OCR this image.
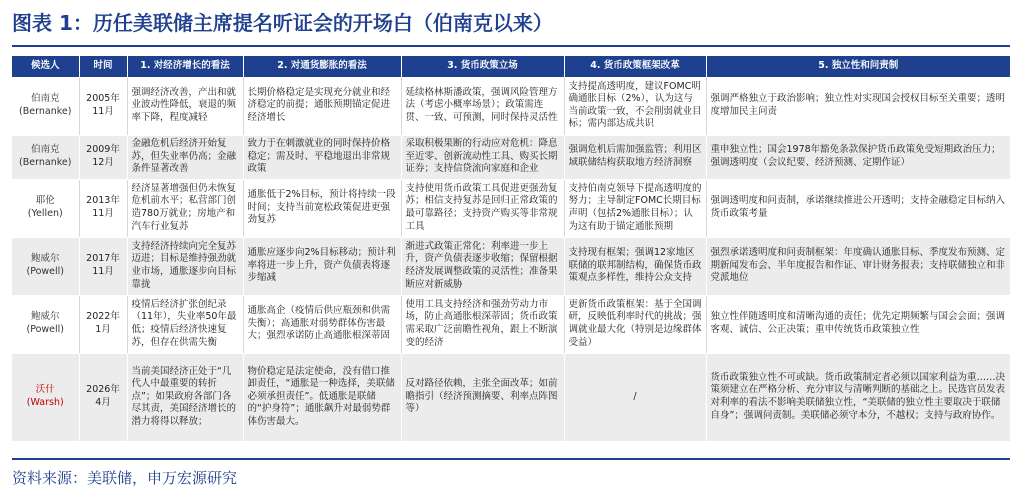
图表 1：历任美联储主席提名听证会的开场白（伯南克以来）
候选人	时间	1. 对经济增长的看法	2. 对通货膨胀的看法	3. 货币政策立场	4. 货币政策框架改革	5. 独立性和问责制
伯南克
(Bernanke)	2005年11月	强调经济改善，产出和就业波动性降低，衰退的频率下降，程度减轻	长期价格稳定是实现充分就业和经济稳定的前提；通胀预期锚定促进经济增长	延续格林斯潘政策，强调风险管理方法（考虑小概率场景）；政策需连贯、一致、可预测，同时保持灵活性	支持提高透明度，建议FOMC明确通胀目标（2%），认为这与当前政策一致，不会削弱就业目标；需内部达成共识	强调严格独立于政治影响；独立性对实现国会授权目标至关重要；透明度增加民主问责
伯南克
(Bernanke)	2009年12月	金融危机后经济开始复苏，但失业率仍高；金融条件显著改善	致力于在刺激就业的同时保持价格稳定；需及时、平稳地退出非常规政策	采取积极果断的行动应对危机：降息至近零、创新流动性工具、购买长期证券；支持信贷流向家庭和企业	强调危机后需加强监管；利用区域联储结构获取地方经济洞察	重申独立性；国会1978年豁免条款保护货币政策免受短期政治压力；强调透明度（会议纪要、经济预测、定期作证）
耶伦
(Yellen)	2013年11月	经济显著增强但仍未恢复危机前水平；私营部门创造780万就业；房地产和汽车行业复苏	通胀低于2%目标，预计将持续一段时间；支持当前宽松政策促进更强劲复苏	支持使用货币政策工具促进更强劲复苏；相信支持复苏是回归正常政策的最可靠路径；支持资产购买等非常规工具	支持伯南克领导下提高透明度的努力；主导制定FOMC长期目标声明（包括2%通胀目标）；认为这有助于锚定通胀预期	强调透明度和问责制，承诺继续推进公开透明；支持金融稳定目标纳入货币政策考量
鲍威尔
(Powell)	2017年11月	支持经济持续向完全复苏迈进；目标是维持强劲就业市场，通胀逐步向目标靠拢	通胀应逐步向2%目标移动；预计利率将进一步上升，资产负债表将逐步缩减	渐进式政策正常化：利率进一步上升，资产负债表逐步收缩；保留根据经济发展调整政策的灵活性；准备果断应对新威胁	支持现有框架；强调12家地区联储的联邦制结构，确保货币政策观点多样性，维持公众支持	强烈承诺透明度和问责制框架：年度确认通胀目标、季度发布预测、定期新闻发布会、半年度报告和作证、审计财务报表；支持联储独立和非党派地位
鲍威尔
(Powell)	2022年1月	疫情后经济扩张创纪录（11年），失业率50年最低；疫情后经济快速复苏，但存在供需失衡	通胀高企（疫情后供应瓶颈和供需失衡）；高通胀对弱势群体伤害最大；强烈承诺防止高通胀根深蒂固	使用工具支持经济和强劲劳动力市场，防止高通胀根深蒂固；货币政策需采取广泛前瞻性视角，跟上不断演变的经济	更新货币政策框架：基于全国调研，反映低利率时代的挑战；强调就业最大化（特别是边缘群体受益）	独立性伴随透明度和清晰沟通的责任；优先定期频繁与国会会面；强调客观、诚信、公正决策；重申传统货币政策独立性
沃什
(Warsh)	2026年4月	当前美国经济正处于“几代人中最重要的转折点”；如果政府各部门各尽其责，美国经济增长的潜力将得以释放；	物价稳定是法定使命，没有借口推卸责任，“通胀是一种选择，美联储必须承担责任”。低通胀是联储的“护身符”；通胀飙升对最弱势群体伤害最大。	反对路径依赖，主张全面改革；如前瞻指引（经济预测摘要、利率点阵图等）	/	货币政策独立性不可或缺。货币政策制定者必须以国家利益为重……决策须建立在严格分析、充分审议与清晰判断的基础之上。民选官员发表对利率的看法不影响美联储独立性，“美联储的独立性主要取决于联储自身”；强调问责制。美联储必须守本分，不越权；支持与政府协作。
资料来源：美联储，申万宏源研究
